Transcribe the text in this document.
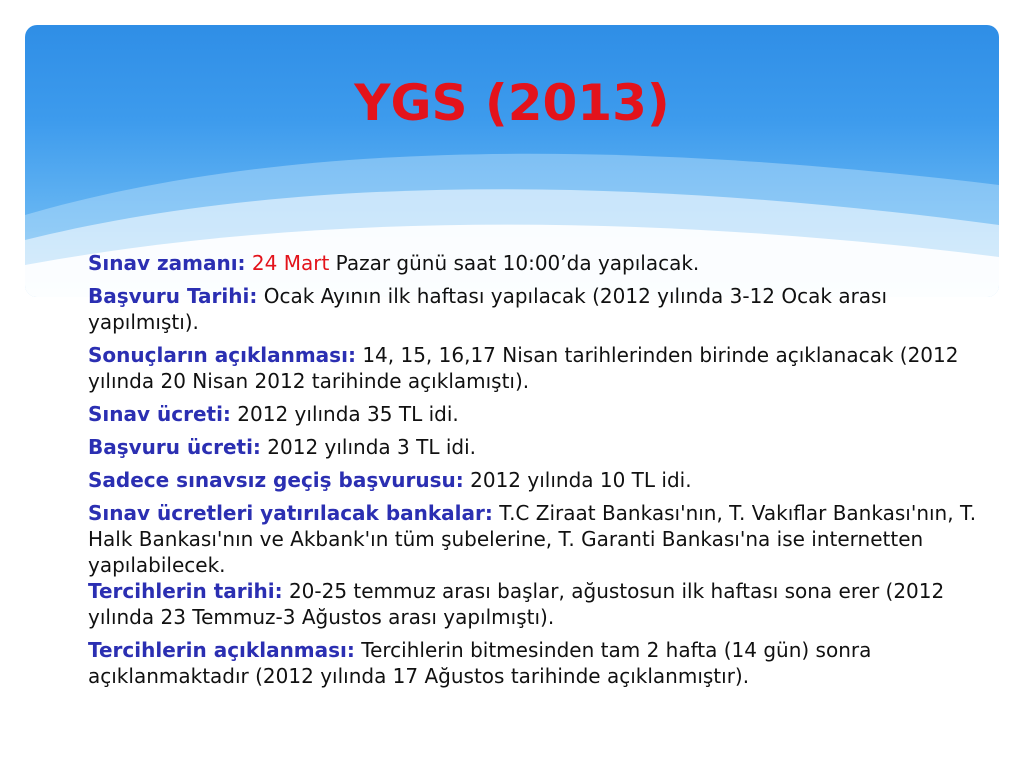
YGS (2013)

Sınav zamanı: 24 Mart Pazar günü saat 10:00’da yapılacak.

Başvuru Tarihi: Ocak Ayının ilk haftası yapılacak (2012 yılında 3-12 Ocak arası yapılmıştı).

Sonuçların açıklanması: 14, 15, 16,17 Nisan tarihlerinden birinde açıklanacak (2012 yılında 20 Nisan 2012 tarihinde açıklamıştı).

Sınav ücreti: 2012 yılında 35 TL idi.

Başvuru ücreti: 2012 yılında 3 TL idi.

Sadece sınavsız geçiş başvurusu: 2012 yılında 10 TL idi.

Sınav ücretleri yatırılacak bankalar: T.C Ziraat Bankası'nın, T. Vakıflar Bankası'nın, T. Halk Bankası'nın ve Akbank'ın tüm şubelerine, T. Garanti Bankası'na ise internetten yapılabilecek.

Tercihlerin tarihi: 20-25 temmuz arası başlar, ağustosun ilk haftası sona erer (2012 yılında 23 Temmuz-3 Ağustos arası yapılmıştı).

Tercihlerin açıklanması: Tercihlerin bitmesinden tam 2 hafta (14 gün) sonra açıklanmaktadır (2012 yılında 17 Ağustos tarihinde açıklanmıştır).
